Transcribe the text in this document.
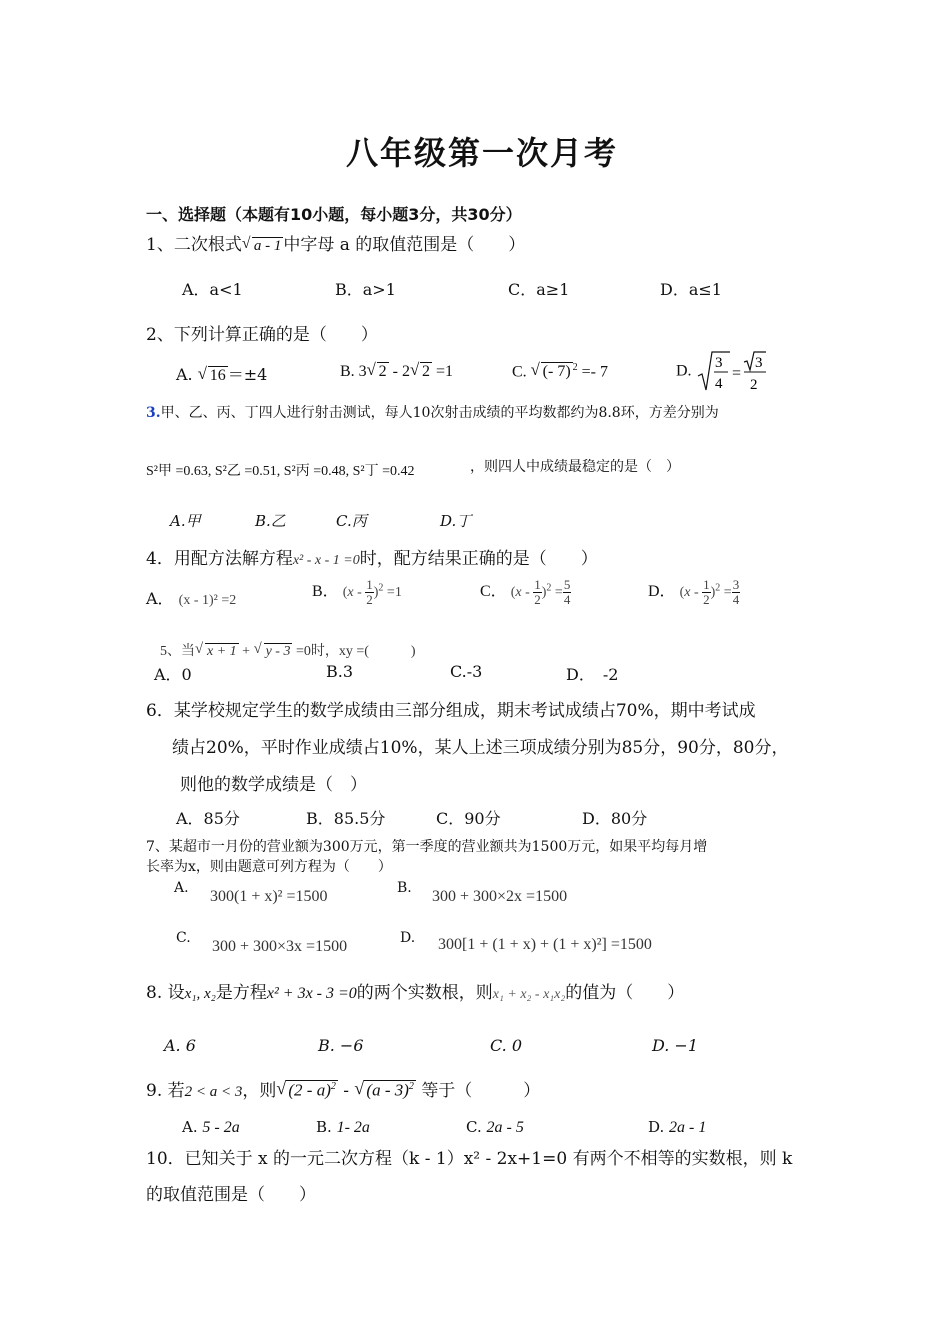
八年级第一次月考
一、选择题（本题有10小题，每小题3分，共30分）
1、二次根式 √ a - 1 中字母 a 的取值范围是（　　）
A．a<1	B．a>1	C．a≥1	D．a≤1
2、下列计算正确的是（　　）
A. √ 16 ＝±4	B. 3 √ 2 - 2 √ 2 =1	C. √ (- 7) $^2$ =- 7	D. 3
4
=
3
2
3.甲、乙、丙、丁四人进行射击测试，每人10次射击成绩的平均数都约为8.8环，方差分别为
S²甲 =0.63, S²乙 =0.51, S²丙 =0.48, S²丁 =0.42	，则四人中成绩最稳定的是（　）
A.甲	B.乙	C.丙	D.丁
4．用配方法解方程x² - x - 1 =0时，配方结果正确的是（　　）
A． (x - 1)² =2
B． $(x - \frac{1}{2} )^2 =1$	C． $(x - \frac{1}{2} )^2 = \frac{5}{4}$	D． $(x - \frac{1}{2} )^2 = \frac{3}{4}$
5、当 √ x + 1 + √ y - 3 =0时，xy =(　　　)
A．0	B.3	C.-3	D．　-2
6．某学校规定学生的数学成绩由三部分组成，期末考试成绩占70%，期中考试成
绩占20%，平时作业成绩占10%，某人上述三项成绩分别为85分，90分，80分，
则他的数学成绩是（　）
A．85分	B．85.5分	C．90分	D．80分
7、某超市一月份的营业额为300万元，第一季度的营业额共为1500万元，如果平均每月增
长率为x，则由题意可列方程为（　　）
A. 300(1 + x)² =1500	B. 300 + 300×2x =1500
C. 300 + 300×3x =1500	D. 300[1 + (1 + x) + (1 + x)²] =1500
8. 设x₁, x₂是方程x² + 3x - 3 =0的两个实数根，则x₁ + x₂ - x₁x₂的值为（　　）
A. 6	B. −6	C. 0	D. −1
9. 若2 < a < 3，则 √ (2 - a)$^2$ - √ (a - 3)$^2$ 等于（　　　）
A. 5 - 2a	B. 1- 2a	C. 2a - 5	D. 2a - 1
10．已知关于 x 的一元二次方程（k - 1）x² - 2x+1=0 有两个不相等的实数根，则 k
的取值范围是（　　）
